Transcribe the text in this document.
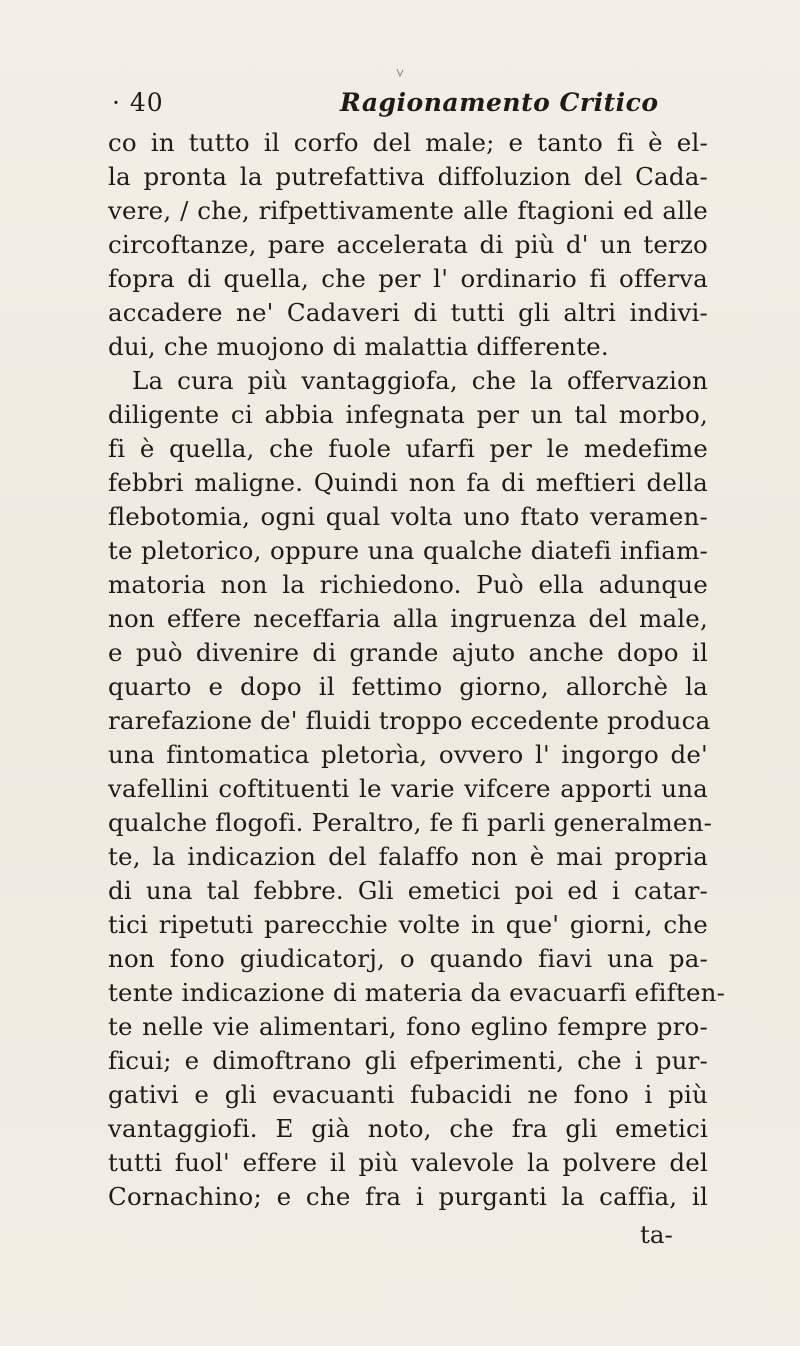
· 40	Ragionamento Critico
co in tutto il corfo del male; e tanto fi è el-
la pronta la putrefattiva diffoluzion del Cada-
vere, / che, rifpettivamente alle ftagioni ed alle
circoftanze, pare accelerata di più d' un terzo
fopra di quella, che per l' ordinario fi offerva
accadere ne' Cadaveri di tutti gli altri indivi-
dui, che muojono di malattia differente.
La cura più vantaggiofa, che la offervazion
diligente ci abbia infegnata per un tal morbo,
fi è quella, che fuole ufarfi per le medefime
febbri maligne. Quindi non fa di meftieri della
flebotomia, ogni qual volta uno ftato veramen-
te pletorico, oppure una qualche diatefi infiam-
matoria non la richiedono. Può ella adunque
non effere neceffaria alla ingruenza del male,
e può divenire di grande ajuto anche dopo il
quarto e dopo il fettimo giorno, allorchè la
rarefazione de' fluidi troppo eccedente produca
una fintomatica pletorìa, ovvero l' ingorgo de'
vafellini coftituenti le varie vifcere apporti una
qualche flogofi. Peraltro, fe fi parli generalmen-
te, la indicazion del falaffo non è mai propria
di una tal febbre. Gli emetici poi ed i catar-
tici ripetuti parecchie volte in que' giorni, che
non fono giudicatorj, o quando fiavi una pa-
tente indicazione di materia da evacuarfi efiften-
te nelle vie alimentari, fono eglino fempre pro-
ficui; e dimoftrano gli efperimenti, che i pur-
gativi e gli evacuanti fubacidi ne fono i più
vantaggiofi. E già noto, che fra gli emetici
tutti fuol' effere il più valevole la polvere del
Cornachino; e che fra i purganti la caffia, il
ta-
